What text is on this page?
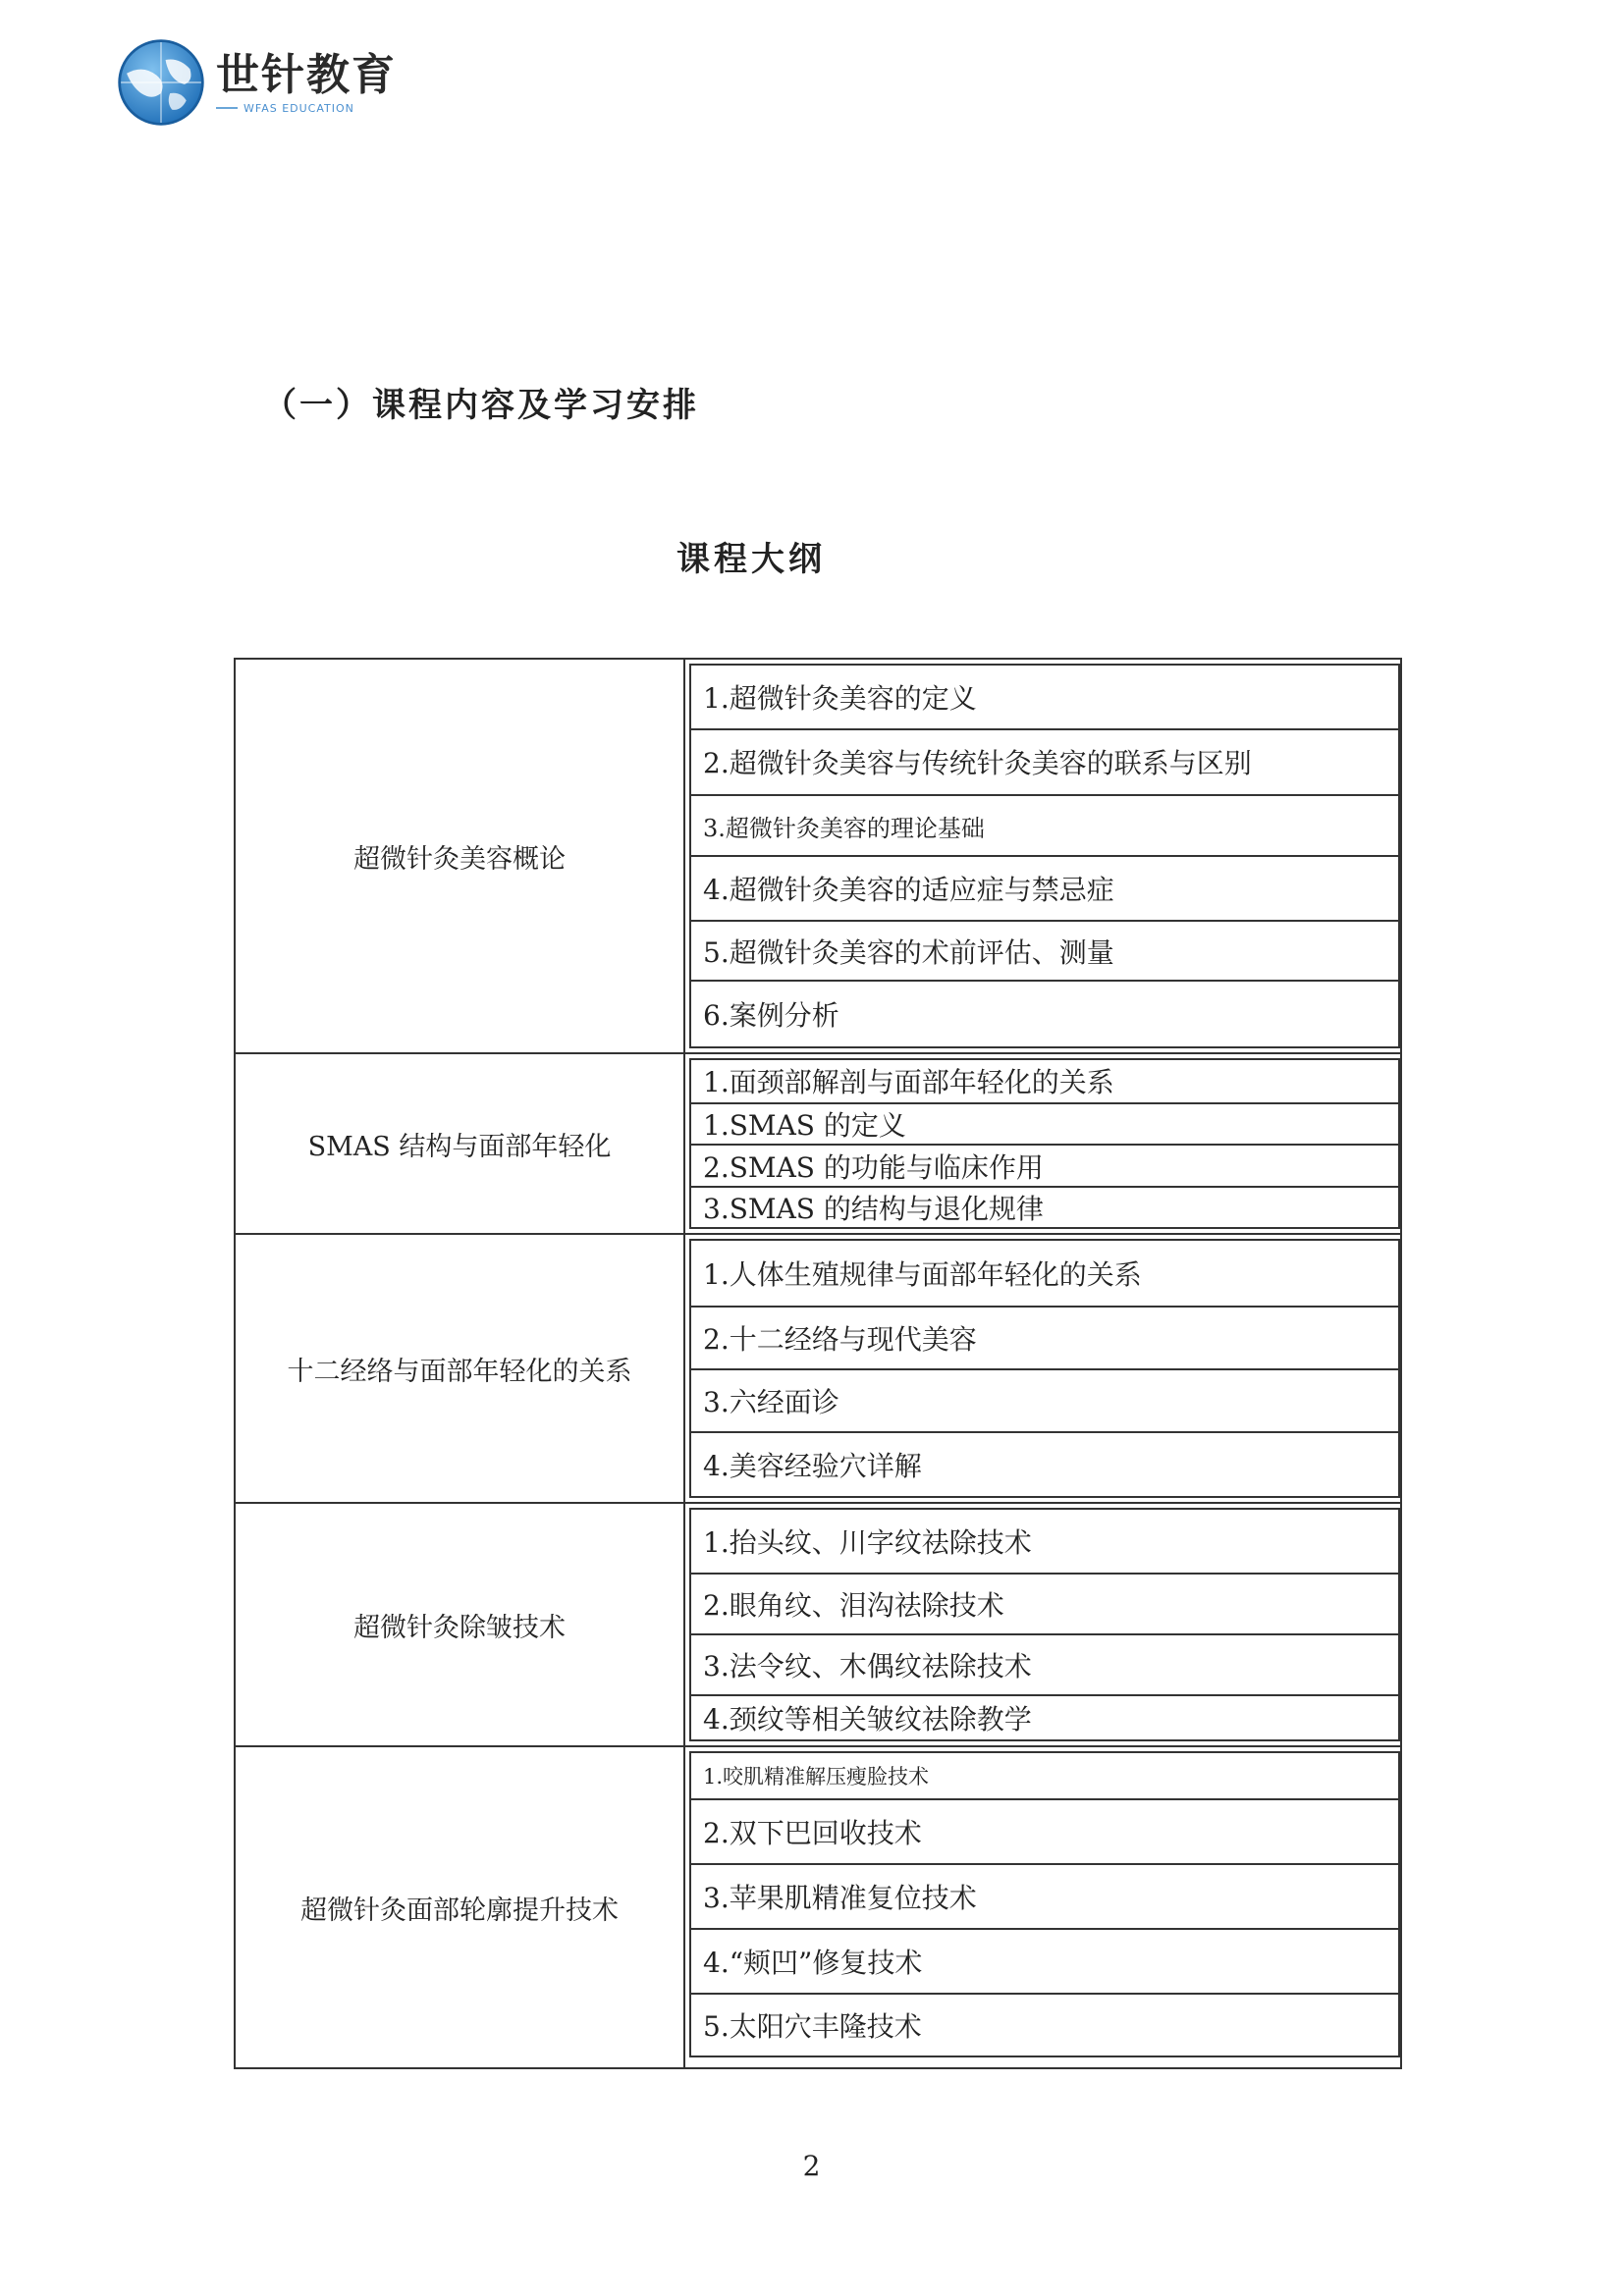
世针教育
WFAS EDUCATION
（一）课程内容及学习安排
课程大纲
超微针灸美容概论
1.超微针灸美容的定义
2.超微针灸美容与传统针灸美容的联系与区别
3.超微针灸美容的理论基础
4.超微针灸美容的适应症与禁忌症
5.超微针灸美容的术前评估、测量
6.案例分析
SMAS 结构与面部年轻化
1.面颈部解剖与面部年轻化的关系
1.SMAS 的定义
2.SMAS 的功能与临床作用
3.SMAS 的结构与退化规律
十二经络与面部年轻化的关系
1.人体生殖规律与面部年轻化的关系
2.十二经络与现代美容
3.六经面诊
4.美容经验穴详解
超微针灸除皱技术
1.抬头纹、川字纹祛除技术
2.眼角纹、泪沟祛除技术
3.法令纹、木偶纹祛除技术
4.颈纹等相关皱纹祛除教学
超微针灸面部轮廓提升技术
1.咬肌精准解压瘦脸技术
2.双下巴回收技术
3.苹果肌精准复位技术
4.“颊凹”修复技术
5.太阳穴丰隆技术
2
